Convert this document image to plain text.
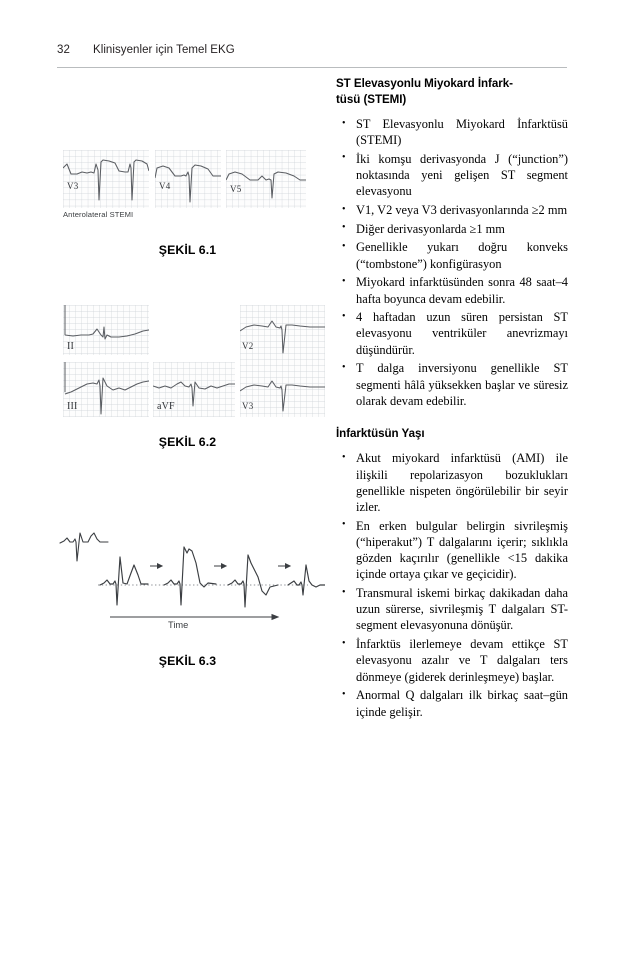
32 Klinisyenler için Temel EKG
V3	V4	V5
Anterolateral STEMI
ŞEKİL 6.1
II
III	aVF
V2
V3
ŞEKİL 6.2
Time
ŞEKİL 6.3
ST Elevasyonlu Miyokard İnfark-
tüsü (STEMI)
• ST Elevasyonlu Miyokard İnfarktüsü (STEMI)
• İki komşu derivasyonda J (“junction”) noktasında yeni gelişen ST segment elevasyonu
• V1, V2 veya V3 derivasyonlarında ≥2 mm
• Diğer derivasyonlarda ≥1 mm
• Genellikle yukarı doğru konveks (“tombstone”) konfigürasyon
• Miyokard infarktüsünden sonra 48 saat–4 hafta boyunca devam edebilir.
• 4 haftadan uzun süren persistan ST elevasyonu ventriküler anevrizmayı düşündürür.
• T dalga inversiyonu genellikle ST segmenti hâlâ yüksekken başlar ve süresiz olarak devam edebilir.
İnfarktüsün Yaşı
• Akut miyokard infarktüsü (AMI) ile ilişkili repolarizasyon bozuklukları genellikle nispeten öngörülebilir bir seyir izler.
• En erken bulgular belirgin sivrileşmiş (“hiperakut”) T dalgalarını içerir; sıklıkla gözden kaçırılır (genellikle <15 dakika içinde ortaya çıkar ve geçicidir).
• Transmural iskemi birkaç dakikadan daha uzun sürerse, sivrileşmiş T dalgaları ST-segment elevasyonuna dönüşür.
• İnfarktüs ilerlemeye devam ettikçe ST elevasyonu azalır ve T dalgaları ters dönmeye (giderek derinleşmeye) başlar.
• Anormal Q dalgaları ilk birkaç saat–gün içinde gelişir.
